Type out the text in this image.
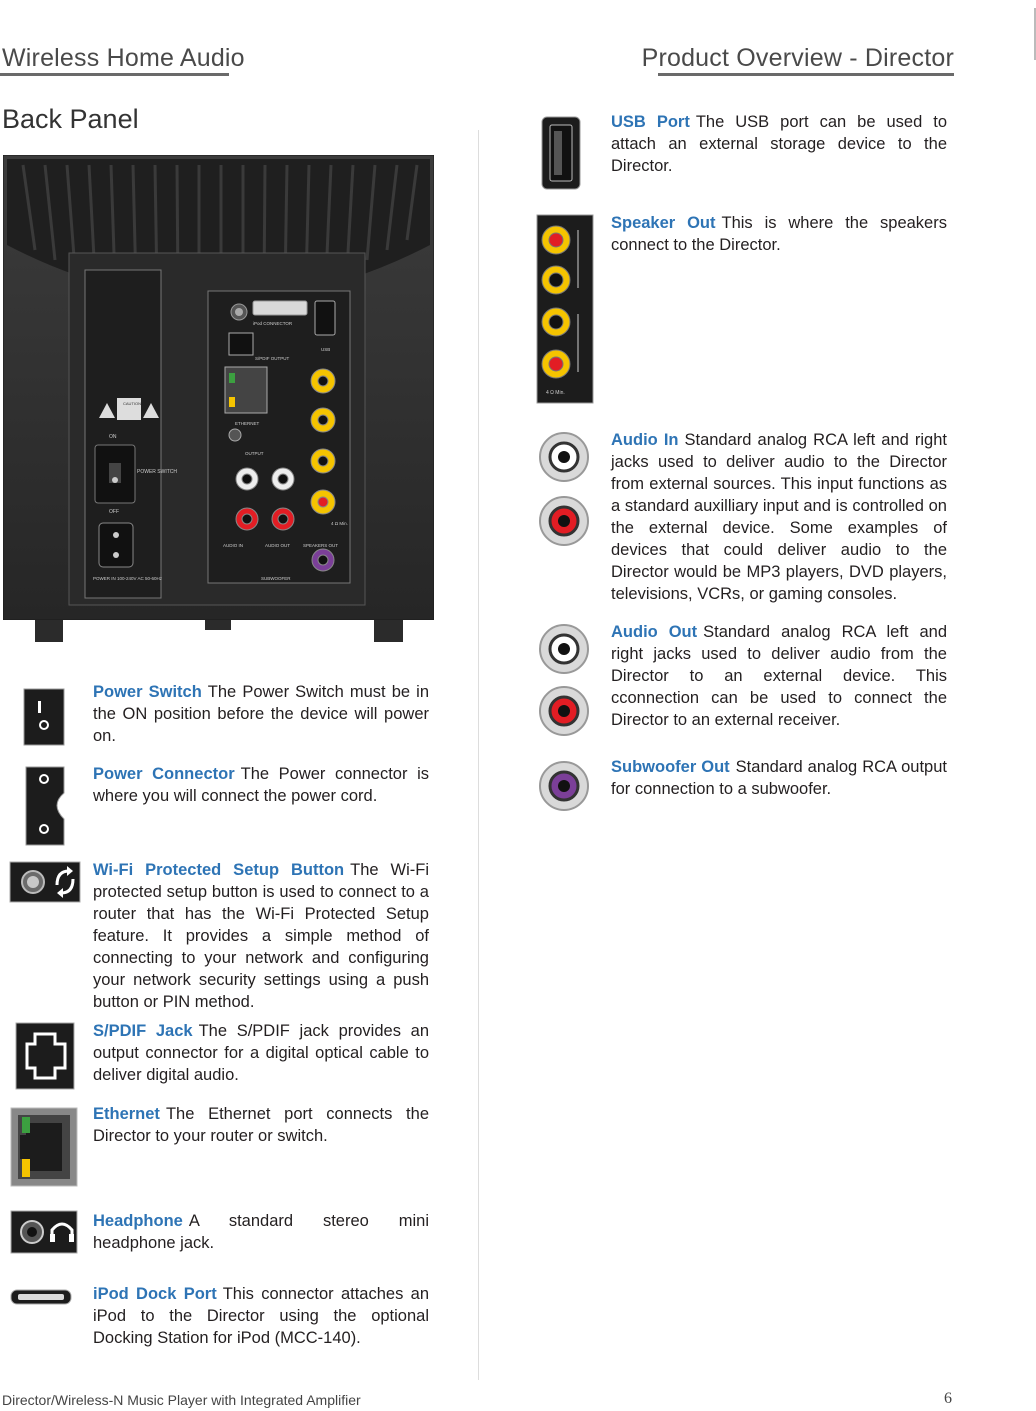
Wireless Home Audio	Product Overview - Director
Back Panel
CAUTION
ON
POWER SWITCH
OFF
POWER IN 100-240V AC 50-60Hz
iPod CONNECTOR
USB
S/PDIF OUTPUT
ETHERNET
OUTPUT
4 Ω Min.
AUDIO IN	AUDIO OUT	SPEAKERS OUT
SUBWOOFER
Power Switch The Power Switch must be in the ON position before the device will power on.
Power Connector The Power connector is where you will connect the power cord.
Wi-Fi Protected Setup Button The Wi-Fi protected setup button is used to connect to a router that has the Wi-Fi Protected Setup feature. It provides a simple method of connecting to your network and configuring your network security settings using a push button or PIN method.
S/PDIF Jack The S/PDIF jack provides an output connector for a digital optical cable to deliver digital audio.
Ethernet The Ethernet port connects the Director to your router or switch.
Headphone A standard stereo mini headphone jack.
iPod Dock Port This connector attaches an iPod to the Director using the optional Docking Station for iPod (MCC-140).
4 Ω Min.
USB Port The USB port can be used to attach an external storage device to the Director.
Speaker Out This is where the speakers connect to the Director.
Audio In Standard analog RCA left and right jacks used to deliver audio to the Director from external sources. This input functions as a standard auxilliary input and is controlled on the external device. Some examples of devices that could deliver audio to the Director would be MP3 players, DVD players, televisions, VCRs, or gaming consoles.
Audio Out Standard analog RCA left and right jacks used to deliver audio from the Director to an external device. This cconnection can be used to connect the Director to an external receiver.
Subwoofer Out Standard analog RCA output for connection to a subwoofer.
Director/Wireless-N Music Player with Integrated Amplifier	6
